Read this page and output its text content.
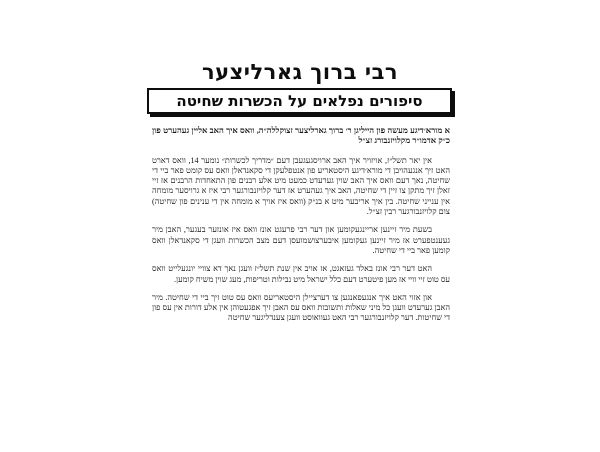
רבי ברוך גארליצער
סיפורים נפלאים על הכשרות שחיטה

א מורא׳דיגע מעשה פון הייליגן ר׳ ברוך גארליצער זצוקללה״ה, וואס איך האב אליין געהערט פון כ״ק אדמו״ר מקלויזנבורג זצ״ל

אין יאר תשל״ז, אויזויר איך האב ארויסגעגעבן דעם ״מדריך לכשרות״ נומער 14, וואס דארט האט זיך אנגעהויבן די מורא׳דיגע היסטאריע פון אנטפלעקן די סקאנדאלן וואס עס קומט פאר ביי די שחיטה, נאך דעם וואס איך האב שוין גערעדט כמעט מיט אלע רבנים פון התאחדות הרבנים אז זיי זאלן זיך מתקן צו זיין די שחיטה, האב איך געהערט אז דער קלויזנבורגער רבי איז א גרויסער מומחה אין ענייני שחיטה. בין איך אריבער מיט א בנ״ק (וואס איז אויך א מומחה אין די ענינים פון שחיטה) צום קלויזנבורגער רבין זצ״ל.

בשעת מיר זיינען אריינגעקומען און דער רבי פרעגט אונז וואס איז אונזער בעגער, האבן מיר געענטפערט אז מיר זיינען געקומען איבערצושמועסן דעם מצב הכשרות וועגן די סקאנדאלן וואס קומען פאר ביי די שחיטה.

האט דער רבי אונז באלד געזאגט, אז אויב אין שנת תשל״ז וועגן נאך דא צוויי יונגעלייט וואס עס טוט זיי וויי אז מען פיטערט דעם כלל ישראל מיט נבילות וטריפות, מעג שוין משיח קומען.

און אזוי האט איך אנגעפאנגען צו דערציילן היסטאריעס וואס עס טוט זיך ביי די שחיטה. מיר האבן גערעדט וועגן כל מיני שאלות ותשובות וואס עס האבן זיך אפגעטוהן אין אלע דורות אין עס פון די שחיטות. דער קלויזנבורגער רבי האט געוואוסט וועגן צענדליגער שחיטה
